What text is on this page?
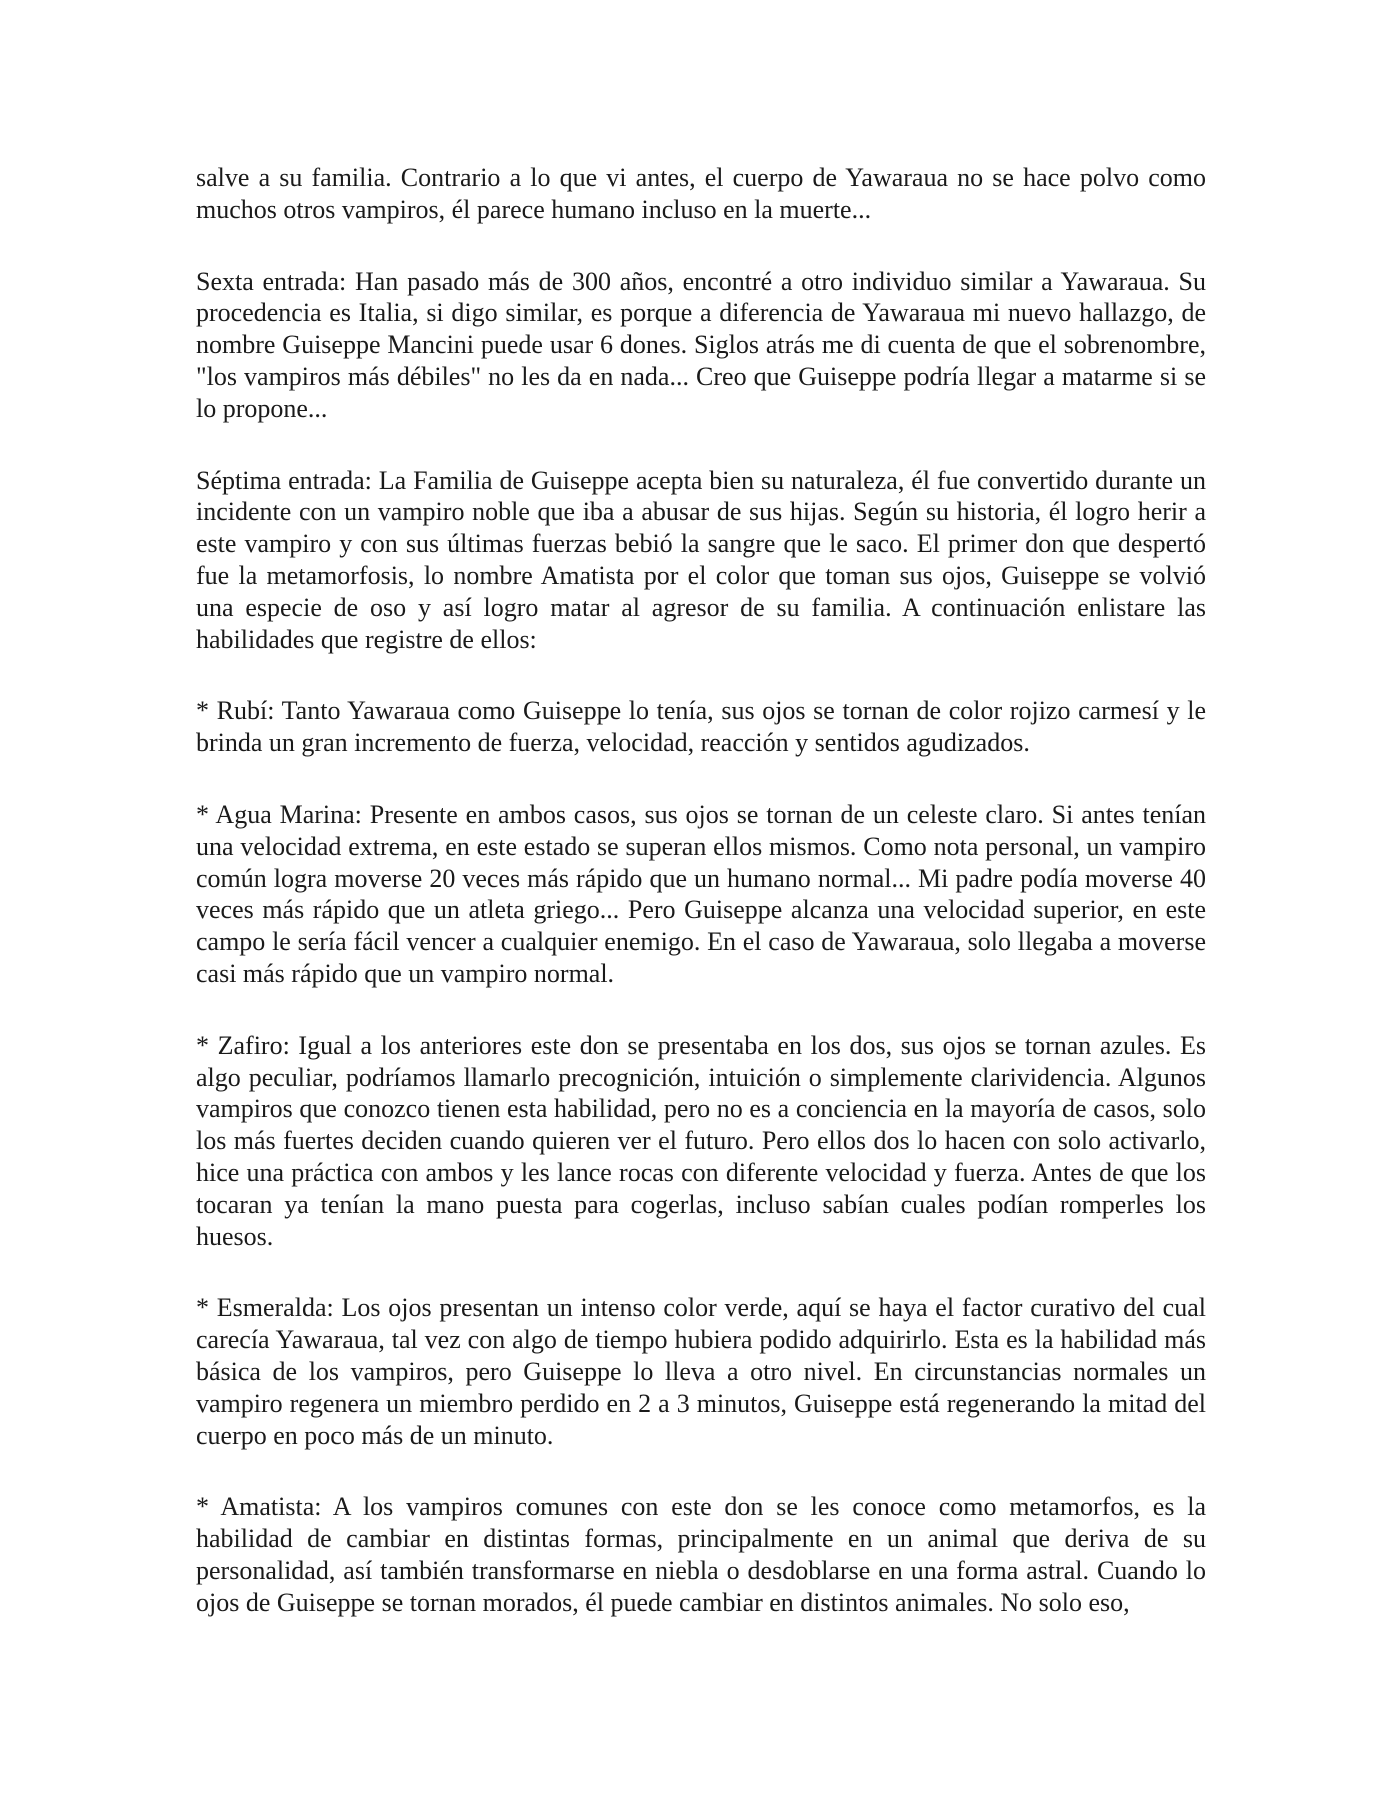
salve a su familia. Contrario a lo que vi antes, el cuerpo de Yawaraua no se hace polvo como muchos otros vampiros, él parece humano incluso en la muerte...

Sexta entrada: Han pasado más de 300 años, encontré a otro individuo similar a Yawaraua. Su procedencia es Italia, si digo similar, es porque a diferencia de Yawaraua mi nuevo hallazgo, de nombre Guiseppe Mancini puede usar 6 dones. Siglos atrás me di cuenta de que el sobrenombre, "los vampiros más débiles" no les da en nada... Creo que Guiseppe podría llegar a matarme si se lo propone...

Séptima entrada: La Familia de Guiseppe acepta bien su naturaleza, él fue convertido durante un incidente con un vampiro noble que iba a abusar de sus hijas. Según su historia, él logro herir a este vampiro y con sus últimas fuerzas bebió la sangre que le saco. El primer don que despertó fue la metamorfosis, lo nombre Amatista por el color que toman sus ojos, Guiseppe se volvió una especie de oso y así logro matar al agresor de su familia. A continuación enlistare las habilidades que registre de ellos:

* Rubí: Tanto Yawaraua como Guiseppe lo tenía, sus ojos se tornan de color rojizo carmesí y le brinda un gran incremento de fuerza, velocidad, reacción y sentidos agudizados.

* Agua Marina: Presente en ambos casos, sus ojos se tornan de un celeste claro. Si antes tenían una velocidad extrema, en este estado se superan ellos mismos. Como nota personal, un vampiro común logra moverse 20 veces más rápido que un humano normal... Mi padre podía moverse 40 veces más rápido que un atleta griego... Pero Guiseppe alcanza una velocidad superior, en este campo le sería fácil vencer a cualquier enemigo. En el caso de Yawaraua, solo llegaba a moverse casi más rápido que un vampiro normal.

* Zafiro: Igual a los anteriores este don se presentaba en los dos, sus ojos se tornan azules. Es algo peculiar, podríamos llamarlo precognición, intuición o simplemente clarividencia. Algunos vampiros que conozco tienen esta habilidad, pero no es a conciencia en la mayoría de casos, solo los más fuertes deciden cuando quieren ver el futuro. Pero ellos dos lo hacen con solo activarlo, hice una práctica con ambos y les lance rocas con diferente velocidad y fuerza. Antes de que los tocaran ya tenían la mano puesta para cogerlas, incluso sabían cuales podían romperles los huesos.

* Esmeralda: Los ojos presentan un intenso color verde, aquí se haya el factor curativo del cual carecía Yawaraua, tal vez con algo de tiempo hubiera podido adquirirlo. Esta es la habilidad más básica de los vampiros, pero Guiseppe lo lleva a otro nivel. En circunstancias normales un vampiro regenera un miembro perdido en 2 a 3 minutos, Guiseppe está regenerando la mitad del cuerpo en poco más de un minuto.

* Amatista: A los vampiros comunes con este don se les conoce como metamorfos, es la habilidad de cambiar en distintas formas, principalmente en un animal que deriva de su personalidad, así también transformarse en niebla o desdoblarse en una forma astral. Cuando lo ojos de Guiseppe se tornan morados, él puede cambiar en distintos animales. No solo eso,
